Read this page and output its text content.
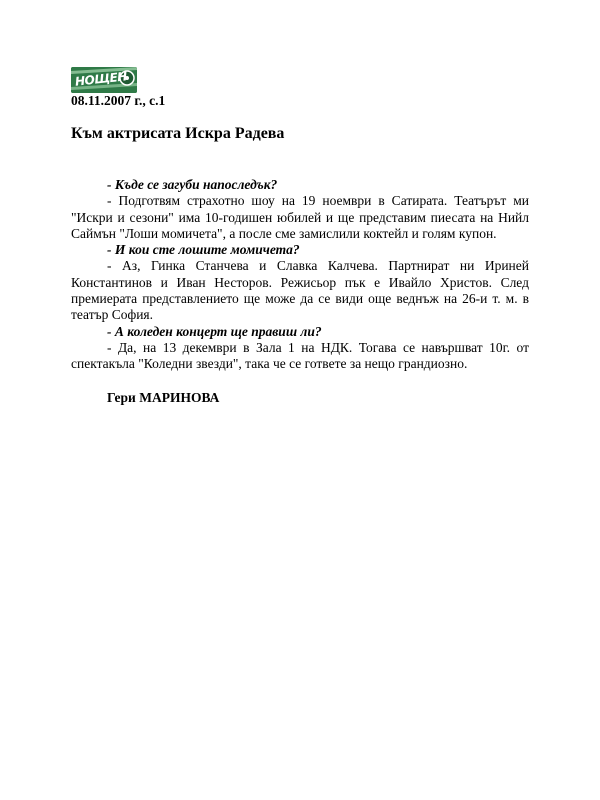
НОЩЕН
08.11.2007 г., с.1
Към актрисата Искра Радева

- Къде се загуби напоследък?

- Подготвям страхотно шоу на 19 ноември в Сатирата. Театърът ми "Искри и сезони" има 10-годишен юбилей и ще представим пиесата на Нийл Саймън "Лоши момичета", а после сме замислили коктейл и голям купон.

- И кои сте лошите момичета?

- Аз, Гинка Станчева и Славка Калчева. Партнират ни Ириней Константинов и Иван Несторов. Режисьор пък е Ивайло Христов. След премиерата представлението ще може да се види още веднъж на 26-и т. м. в театър София.

- А коледен концерт ще правиш ли?

- Да, на 13 декември в Зала 1 на НДК. Тогава се навършват 10г. от спектакъла "Коледни звезди", така че се гответе за нещо грандиозно.

Гери МАРИНОВА
